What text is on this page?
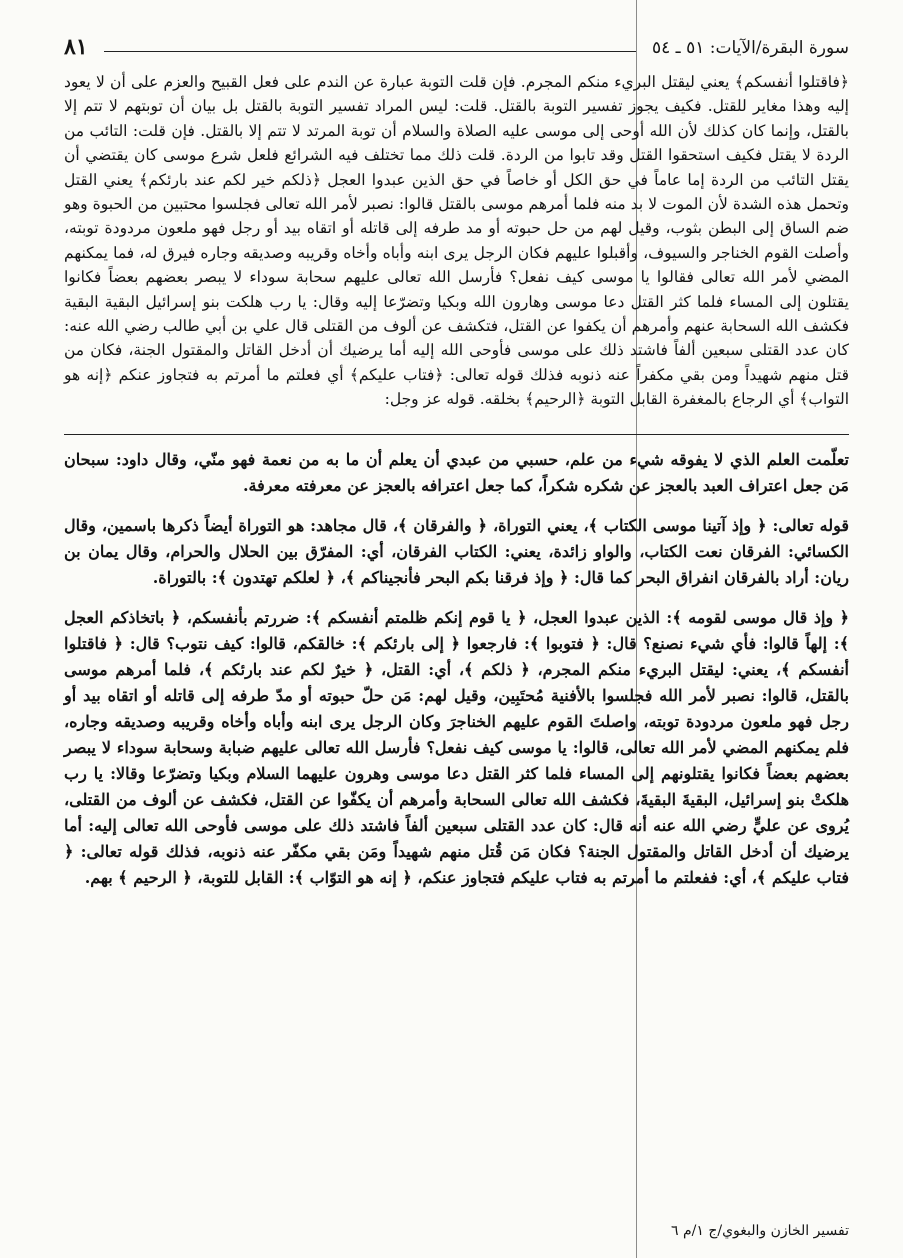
سورة البقرة/الآيات: ٥١ ـ ٥٤
٨١

﴿فاقتلوا أنفسكم﴾ يعني ليقتل البريء منكم المجرم. فإن قلت التوبة عبارة عن الندم على فعل القبيح والعزم على أن لا يعود إليه وهذا مغاير للقتل. فكيف يجوز تفسير التوبة بالقتل. قلت: ليس المراد تفسير التوبة بالقتل بل بيان أن توبتهم لا تتم إلا بالقتل، وإنما كان كذلك لأن الله أوحى إلى موسى عليه الصلاة والسلام أن توبة المرتد لا تتم إلا بالقتل. فإن قلت: التائب من الردة لا يقتل فكيف استحقوا القتل وقد تابوا من الردة. قلت ذلك مما تختلف فيه الشرائع فلعل شرع موسى كان يقتضي أن يقتل التائب من الردة إما عاماً في حق الكل أو خاصاً في حق الذين عبدوا العجل ﴿ذلكم خير لكم عند بارئكم﴾ يعني القتل وتحمل هذه الشدة لأن الموت لا بد منه فلما أمرهم موسى بالقتل قالوا: نصبر لأمر الله تعالى فجلسوا محتبين من الحبوة وهو ضم الساق إلى البطن بثوب، وقيل لهم من حل حبوته أو مد طرفه إلى قاتله أو اتقاه بيد أو رجل فهو ملعون مردودة توبته، وأصلت القوم الخناجر والسيوف، وأقبلوا عليهم فكان الرجل يرى ابنه وأباه وأخاه وقريبه وصديقه وجاره فيرق له، فما يمكنهم المضي لأمر الله تعالى فقالوا يا موسى كيف نفعل؟ فأرسل الله تعالى عليهم سحابة سوداء لا يبصر بعضهم بعضاً فكانوا يقتلون إلى المساء فلما كثر القتل دعا موسى وهارون الله وبكيا وتضرّعا إليه وقال: يا رب هلكت بنو إسرائيل البقية البقية فكشف الله السحابة عنهم وأمرهم أن يكفوا عن القتل، فتكشف عن ألوف من القتلى قال علي بن أبي طالب رضي الله عنه: كان عدد القتلى سبعين ألفاً فاشتد ذلك على موسى فأوحى الله إليه أما يرضيك أن أدخل القاتل والمقتول الجنة، فكان من قتل منهم شهيداً ومن بقي مكفراً عنه ذنوبه فذلك قوله تعالى: ﴿فتاب عليكم﴾ أي فعلتم ما أمرتم به فتجاوز عنكم ﴿إنه هو التواب﴾ أي الرجاع بالمغفرة القابل التوبة ﴿الرحيم﴾ بخلقه. قوله عز وجل:

تعلّمت العلم الذي لا يفوقه شيء من علم، حسبي من عبدي أن يعلم أن ما به من نعمة فهو منّي، وقال داود: سبحان مَن جعل اعتراف العبد بالعجز عن شكره شكراً، كما جعل اعترافه بالعجز عن معرفته معرفة.

قوله تعالى: ﴿ وإذ آتينا موسى الكتاب ﴾، يعني التوراة، ﴿ والفرقان ﴾، قال مجاهد: هو التوراة أيضاً ذكرها باسمين، وقال الكسائي: الفرقان نعت الكتاب، والواو زائدة، يعني: الكتاب الفرقان، أي: المفرّق بين الحلال والحرام، وقال يمان بن ريان: أراد بالفرقان انفراق البحر كما قال: ﴿ وإذ فرقنا بكم البحر فأنجيناكم ﴾، ﴿ لعلكم تهتدون ﴾: بالتوراة.

﴿ وإذ قال موسى لقومه ﴾: الذين عبدوا العجل، ﴿ يا قوم إنكم ظلمتم أنفسكم ﴾: ضررتم بأنفسكم، ﴿ باتخاذكم العجل ﴾: إلهاً قالوا: فأي شيء نصنع؟ قال: ﴿ فتوبوا ﴾: فارجعوا ﴿ إلى بارئكم ﴾: خالقكم، قالوا: كيف نتوب؟ قال: ﴿ فاقتلوا أنفسكم ﴾، يعني: ليقتل البريء منكم المجرم، ﴿ ذلكم ﴾، أي: القتل، ﴿ خيرٌ لكم عند بارئكم ﴾، فلما أمرهم موسى بالقتل، قالوا: نصبر لأمر الله فجلسوا بالأفنية مُحتَبِين، وقيل لهم: مَن حلّ حبوته أو مدّ طرفه إلى قاتله أو اتقاه بيد أو رجل فهو ملعون مردودة توبته، واصلتَ القوم عليهم الخناجرَ وكان الرجل يرى ابنه وأباه وأخاه وقريبه وصديقه وجاره، فلم يمكنهم المضي لأمر الله تعالى، قالوا: يا موسى كيف نفعل؟ فأرسل الله تعالى عليهم ضبابة وسحابة سوداء لا يبصر بعضهم بعضاً فكانوا يقتلونهم إلى المساء فلما كثر القتل دعا موسى وهرون عليهما السلام وبكيا وتضرّعا وقالا: يا رب هلكتْ بنو إسرائيل، البقيةَ البقيةَ، فكشف الله تعالى السحابة وأمرهم أن يكفّوا عن القتل، فكشف عن ألوف من القتلى، يُروى عن عليٍّ رضي الله عنه أنه قال: كان عدد القتلى سبعين ألفاً فاشتد ذلك على موسى فأوحى الله تعالى إليه: أما يرضيك أن أدخل القاتل والمقتول الجنة؟ فكان مَن قُتل منهم شهيداً ومَن بقي مكفّر عنه ذنوبه، فذلك قوله تعالى: ﴿ فتاب عليكم ﴾، أي: ففعلتم ما أمرتم به فتاب عليكم فتجاوز عنكم، ﴿ إنه هو التوّاب ﴾: القابل للتوبة، ﴿ الرحيم ﴾ بهم.

تفسير الخازن والبغوي/ج ١/م ٦
